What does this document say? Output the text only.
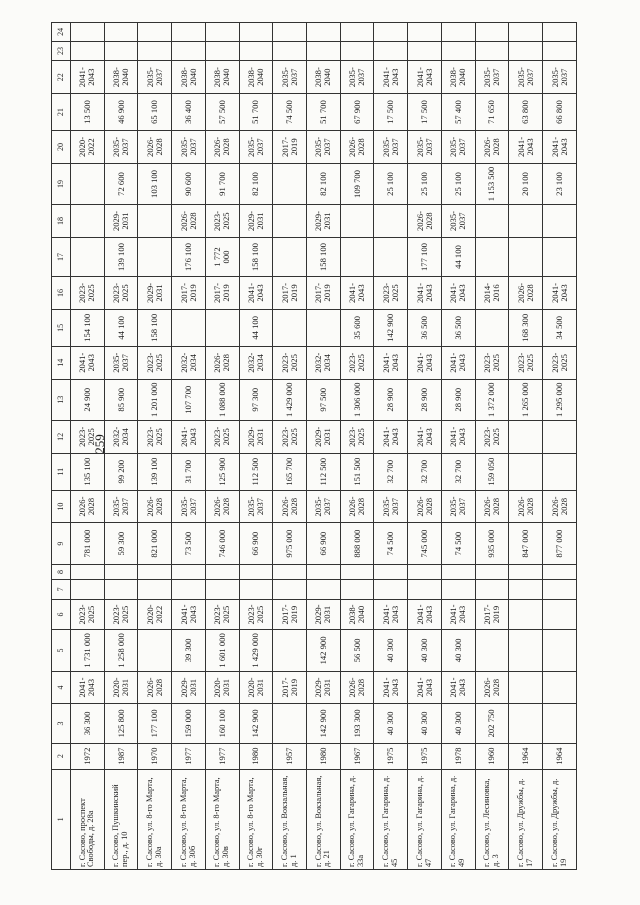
259
1	2	3	4	5	6	7	8	9	10	11	12	13	14	15	16	17	18	19	20	21	22	23	24
г. Сасово, проспект Свободы, д. 28а	1972	36 300	2041-2043	1 731 000	2023-2025			781 000	2026-2028	135 100	2023-2025	24 900	2041-2043	154 100	2023-2025				2020-2022	13 500	2041-2043		
г. Сасово, Пушкинский пер., д. 10	1987	125 800	2020-2031	1 258 000	2023-2025			59 300	2035-2037	99 200	2032-2034	85 900	2035-2037	44 100	2023-2025	139 100	2029-2031	72 600	2035-2037	46 900	2038-2040		
г. Сасово, ул. 8-го Марта, д. 30а	1970	177 100	2026-2028		2020-2022			821 000	2026-2028	139 100	2023-2025	1 201 000	2023-2025	158 100	2029-2031			103 100	2026-2028	65 100	2035-2037		
г. Сасово, ул. 8-го Марта, д. 30б	1977	159 000	2029-2031	39 300	2041-2043			73 500	2035-2037	31 700	2041-2043	107 700	2032-2034		2017-2019	176 100	2026-2028	90 600	2035-2037	36 400	2038-2040		
г. Сасово, ул. 8-го Марта, д. 30в	1977	160 100	2020-2031	1 601 000	2023-2025			746 000	2026-2028	125 900	2023-2025	1 088 000	2026-2028		2017-2019	1 772 000	2023-2025	91 700	2026-2028	57 500	2038-2040		
г. Сасово, ул. 8-го Марта, д. 30г	1980	142 900	2020-2031	1 429 000	2023-2025			66 900	2035-2037	112 500	2029-2031	97 300	2032-2034	44 100	2041-2043	158 100	2029-2031	82 100	2035-2037	51 700	2038-2040		
г. Сасово, ул. Вокзальная, д. 1	1957		2017-2019		2017-2019			975 000	2026-2028	165 700	2023-2025	1 429 000	2023-2025		2017-2019				2017-2019	74 500	2035-2037		
г. Сасово, ул. Вокзальная, д. 21	1980	142 900	2029-2031	142 900	2029-2031			66 900	2035-2037	112 500	2029-2031	97 500	2032-2034		2017-2019	158 100	2029-2031	82 100	2035-2037	51 700	2038-2040		
г. Сасово, ул. Гагарина, д. 33а	1967	193 300	2026-2028	56 500	2038-2040			888 000	2026-2028	151 500	2023-2025	1 306 000	2023-2025	35 600	2041-2043			109 700	2026-2028	67 900	2035-2037		
г. Сасово, ул. Гагарина, д. 45	1975	40 300	2041-2043	40 300	2041-2043			74 500	2035-2037	32 700	2041-2043	28 900	2041-2043	142 900	2023-2025			25 100	2035-2037	17 500	2041-2043		
г. Сасово, ул. Гагарина, д. 47	1975	40 300	2041-2043	40 300	2041-2043			745 000	2026-2028	32 700	2041-2043	28 900	2041-2043	36 500	2041-2043	177 100	2026-2028	25 100	2035-2037	17 500	2041-2043		
г. Сасово, ул. Гагарина, д. 49	1978	40 300	2041-2043	40 300	2041-2043			74 500	2035-2037	32 700	2041-2043	28 900	2041-2043	36 500	2041-2043	44 100	2035-2037	25 100	2035-2037	57 400	2038-2040		
г. Сасово, ул. Лесиновка, д. 3	1960	202 750	2026-2028		2017-2019			935 000	2026-2028	159 050	2023-2025	1 372 000	2023-2025		2014-2016			1 153 500	2026-2028	71 650	2035-2037		
г. Сасово, ул. Дружбы, д. 17	1964							847 000	2026-2028			1 265 000	2023-2025	168 300	2026-2028			20 100	2041-2043	63 800	2035-2037		
г. Сасово, ул. Дружбы, д. 19	1964							877 000	2026-2028			1 295 000	2023-2025	34 500	2041-2043			23 100	2041-2043	66 800	2035-2037		
